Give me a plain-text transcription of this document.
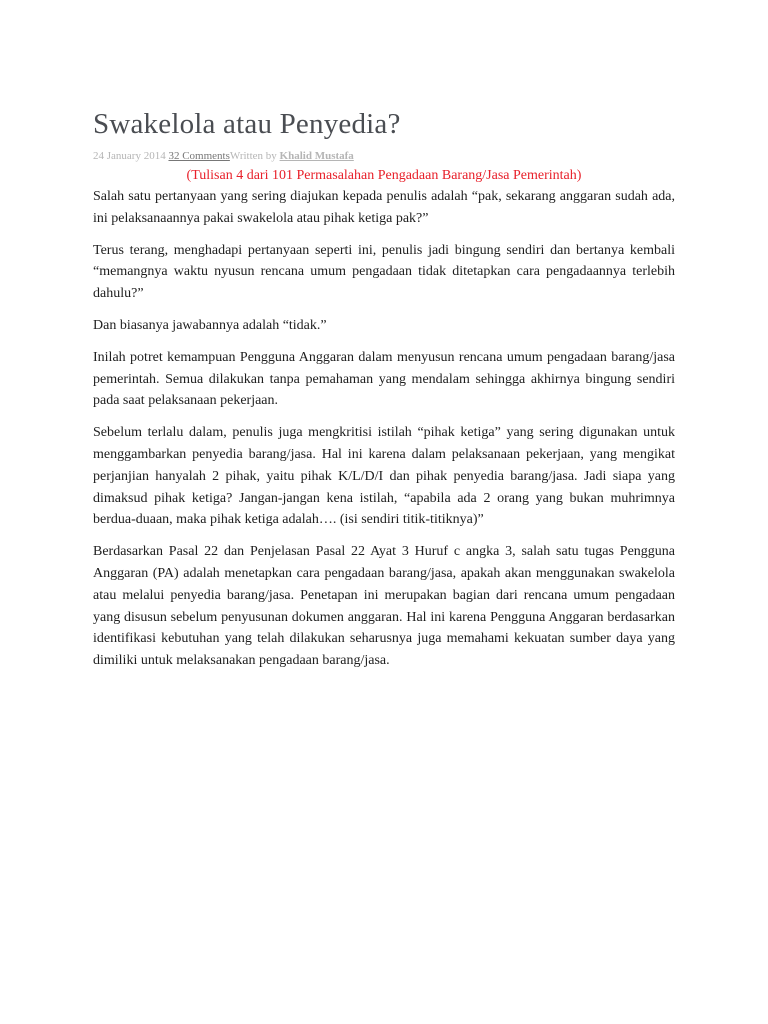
Swakelola atau Penyedia?
24 January 2014 32 CommentsWritten by Khalid Mustafa
(Tulisan 4 dari 101 Permasalahan Pengadaan Barang/Jasa Pemerintah)

Salah satu pertanyaan yang sering diajukan kepada penulis adalah “pak, sekarang anggaran sudah ada, ini pelaksanaannya pakai swakelola atau pihak ketiga pak?”

Terus terang, menghadapi pertanyaan seperti ini, penulis jadi bingung sendiri dan bertanya kembali “memangnya waktu nyusun rencana umum pengadaan tidak ditetapkan cara pengadaannya terlebih dahulu?”

Dan biasanya jawabannya adalah “tidak.”

Inilah potret kemampuan Pengguna Anggaran dalam menyusun rencana umum pengadaan barang/jasa pemerintah. Semua dilakukan tanpa pemahaman yang mendalam sehingga akhirnya bingung sendiri pada saat pelaksanaan pekerjaan.

Sebelum terlalu dalam, penulis juga mengkritisi istilah “pihak ketiga” yang sering digunakan untuk menggambarkan penyedia barang/jasa. Hal ini karena dalam pelaksanaan pekerjaan, yang mengikat perjanjian hanyalah 2 pihak, yaitu pihak K/L/D/I dan pihak penyedia barang/jasa. Jadi siapa yang dimaksud pihak ketiga? Jangan-jangan kena istilah, “apabila ada 2 orang yang bukan muhrimnya berdua-duaan, maka pihak ketiga adalah…. (isi sendiri titik-titiknya)”

Berdasarkan Pasal 22 dan Penjelasan Pasal 22 Ayat 3 Huruf c angka 3, salah satu tugas Pengguna Anggaran (PA) adalah menetapkan cara pengadaan barang/jasa, apakah akan menggunakan swakelola atau melalui penyedia barang/jasa. Penetapan ini merupakan bagian dari rencana umum pengadaan yang disusun sebelum penyusunan dokumen anggaran. Hal ini karena Pengguna Anggaran berdasarkan identifikasi kebutuhan yang telah dilakukan seharusnya juga memahami kekuatan sumber daya yang dimiliki untuk melaksanakan pengadaan barang/jasa.
